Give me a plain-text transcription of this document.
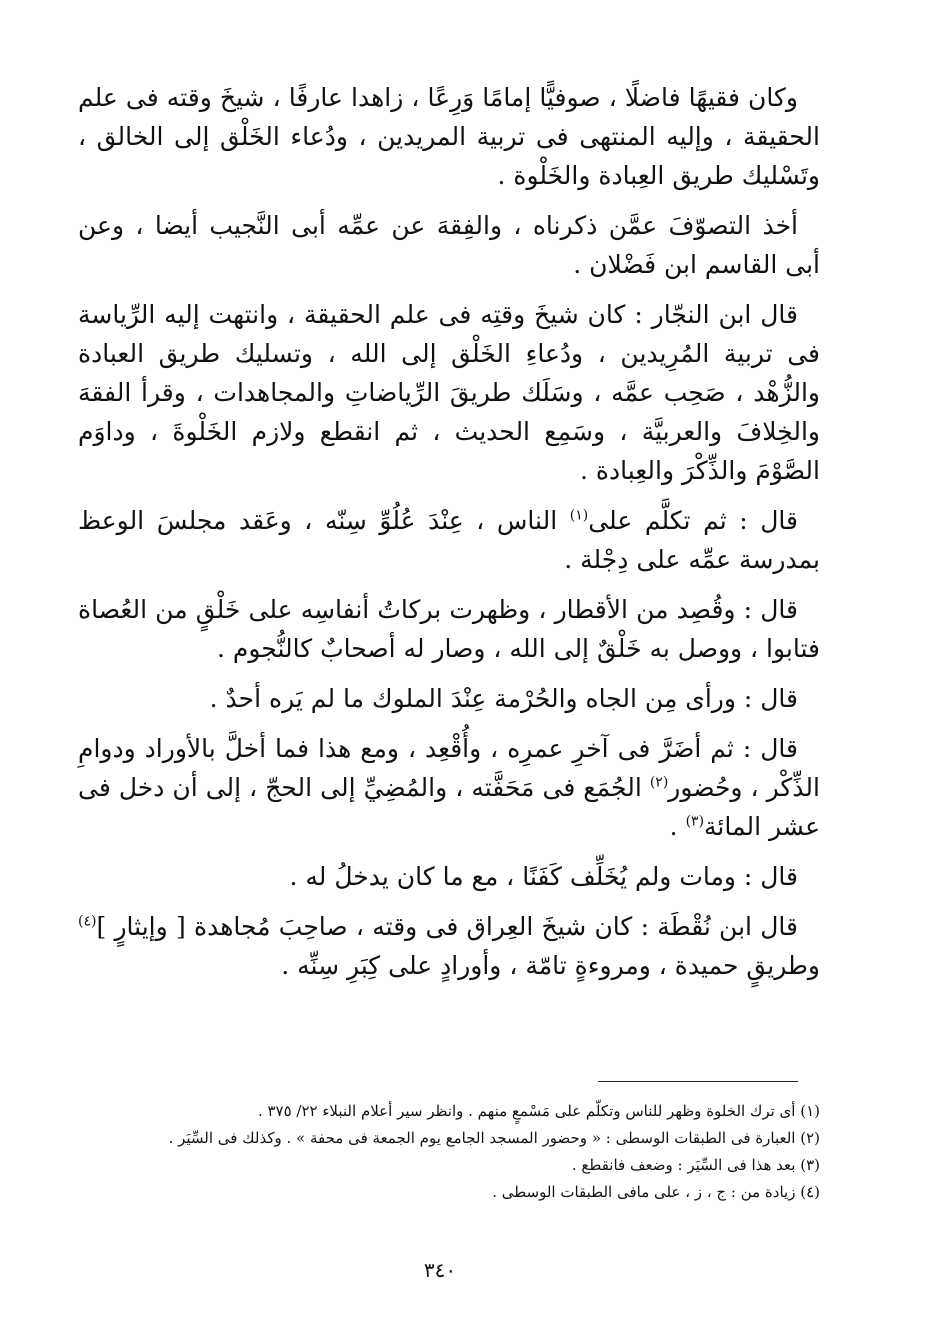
وكان فقيهًا فاضلًا ، صوفيًّا إمامًا وَرِعًا ، زاهدا عارفًا ، شيخَ وقته فى علم الحقيقة ، وإليه المنتهى فى تربية المريدين ، ودُعاء الخَلْق إلى الخالق ، وتَسْليك طريق العِبادة والخَلْوة .

أخذ التصوّفَ عمَّن ذكرناه ، والفِقهَ عن عمِّه أبى النَّجيب أيضا ، وعن أبى القاسم ابن فَضْلان .

قال ابن النجّار : كان شيخَ وقتِه فى علم الحقيقة ، وانتهت إليه الرِّياسة فى تربية المُرِيدين ، ودُعاءِ الخَلْق إلى الله ، وتسليك طريق العبادة والزُّهْد ، صَحِب عمَّه ، وسَلَك طريقَ الرِّياضاتِ والمجاهدات ، وقرأ الفقهَ والخِلافَ والعربيَّة ، وسَمِع الحديث ، ثم انقطع ولازم الخَلْوةَ ، وداوَم الصَّوْمَ والذِّكْرَ والعِبادة .

قال : ثم تكلَّم على$^{(١)}$ الناس ، عِنْدَ عُلُوِّ سِنّه ، وعَقد مجلسَ الوعظ بمدرسة عمِّه على دِجْلة .

قال : وقُصِد من الأقطار ، وظهرت بركاتُ أنفاسِه على خَلْقٍ من العُصاة فتابوا ، ووصل به خَلْقٌ إلى الله ، وصار له أصحابٌ كالنُّجوم .

قال : ورأى مِن الجاه والحُرْمة عِنْدَ الملوك ما لم يَره أحدٌ .

قال : ثم أضَرَّ فى آخرِ عمرِه ، وأُقْعِد ، ومع هذا فما أخلَّ بالأوراد ودوامِ الذِّكْر ، وحُضور$^{(٢)}$ الجُمَع فى مَحَفَّته ، والمُضِيِّ إلى الحجّ ، إلى أن دخل فى عشر المائة$^{(٣)}$ .

قال : ومات ولم يُخَلِّف كَفَنًا ، مع ما كان يدخلُ له .

قال ابن نُقْطَة : كان شيخَ العِراق فى وقته ، صاحِبَ مُجاهدة [ وإيثارٍ ]$^{(٤)}$ وطريقٍ حميدة ، ومروءةٍ تامّة ، وأورادٍ على كِبَرِ سِنِّه .

(١) أى ترك الخلوة وظهر للناس وتكلّم على مَسْمعٍ منهم . وانظر سير أعلام النبلاء ٢٢/ ٣٧٥ .

(٢) العبارة فى الطبقات الوسطى : « وحضور المسجد الجامع يوم الجمعة فى محفة » . وكذلك فى السِّيَر .

(٣) بعد هذا فى السِّيَر : وضعف فانقطع .

(٤) زيادة من : ج ، ز ، على مافى الطبقات الوسطى .

٣٤٠
